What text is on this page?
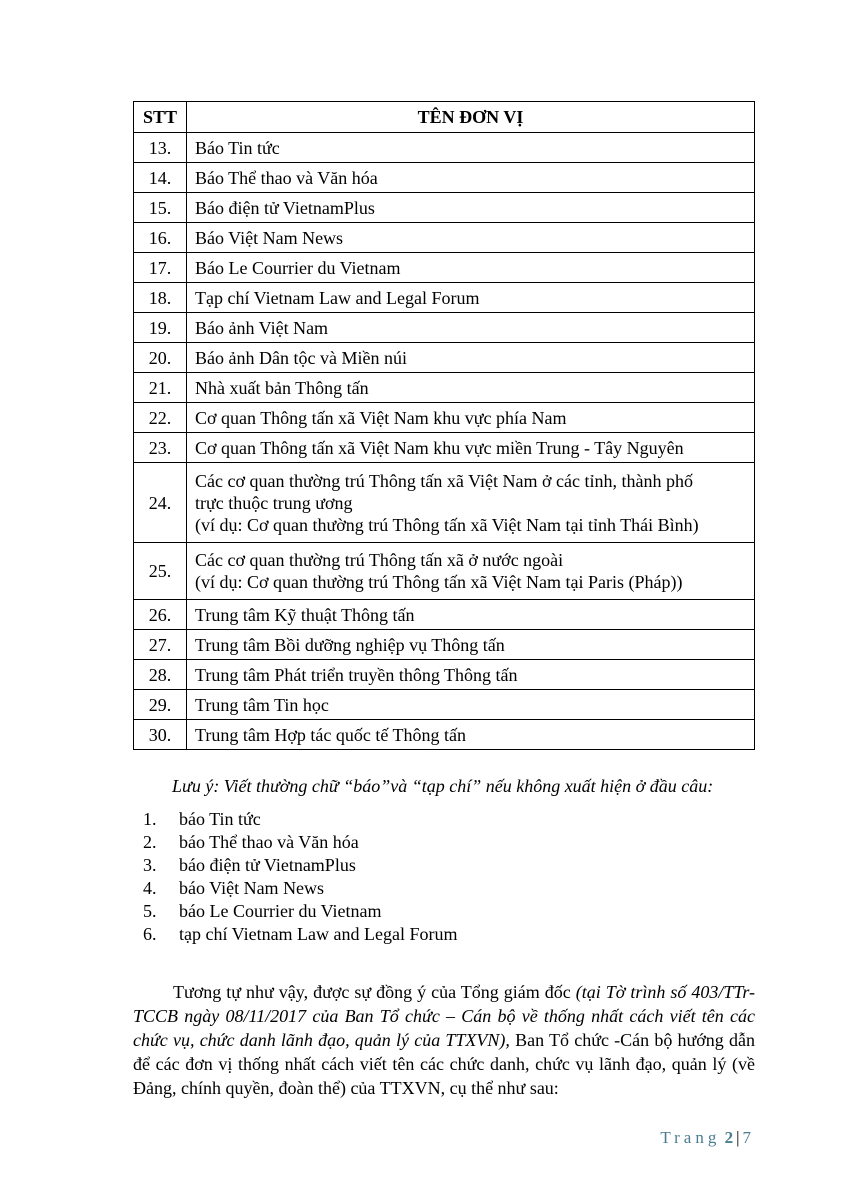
STT	TÊN ĐƠN VỊ
13.	Báo Tin tức
14.	Báo Thể thao và Văn hóa
15.	Báo điện tử VietnamPlus
16.	Báo Việt Nam News
17.	Báo Le Courrier du Vietnam
18.	Tạp chí Vietnam Law and Legal Forum
19.	Báo ảnh Việt Nam
20.	Báo ảnh Dân tộc và Miền núi
21.	Nhà xuất bản Thông tấn
22.	Cơ quan Thông tấn xã Việt Nam khu vực phía Nam
23.	Cơ quan Thông tấn xã Việt Nam khu vực miền Trung - Tây Nguyên
24.	Các cơ quan thường trú Thông tấn xã Việt Nam ở các tỉnh, thành phố
trực thuộc trung ương
(ví dụ: Cơ quan thường trú Thông tấn xã Việt Nam tại tỉnh Thái Bình)

25.	Các cơ quan thường trú Thông tấn xã ở nước ngoài
(ví dụ: Cơ quan thường trú Thông tấn xã Việt Nam tại Paris (Pháp))

26.	Trung tâm Kỹ thuật Thông tấn
27.	Trung tâm Bồi dưỡng nghiệp vụ Thông tấn
28.	Trung tâm Phát triển truyền thông Thông tấn
29.	Trung tâm Tin học
30.	Trung tâm Hợp tác quốc tế Thông tấn
Lưu ý: Viết thường chữ “báo”và “tạp chí” nếu không xuất hiện ở đầu câu:
1. báo Tin tức
2. báo Thể thao và Văn hóa
3. báo điện tử VietnamPlus
4. báo Việt Nam News
5. báo Le Courrier du Vietnam
6. tạp chí Vietnam Law and Legal Forum

Tương tự như vậy, được sự đồng ý của Tổng giám đốc (tại Tờ trình số 403/TTr-TCCB ngày 08/11/2017 của Ban Tổ chức – Cán bộ về thống nhất cách viết tên các chức vụ, chức danh lãnh đạo, quản lý của TTXVN), Ban Tổ chức -Cán bộ hướng dẫn để các đơn vị thống nhất cách viết tên các chức danh, chức vụ lãnh đạo, quản lý (về Đảng, chính quyền, đoàn thể) của TTXVN, cụ thể như sau:

Trang 2 | 7
